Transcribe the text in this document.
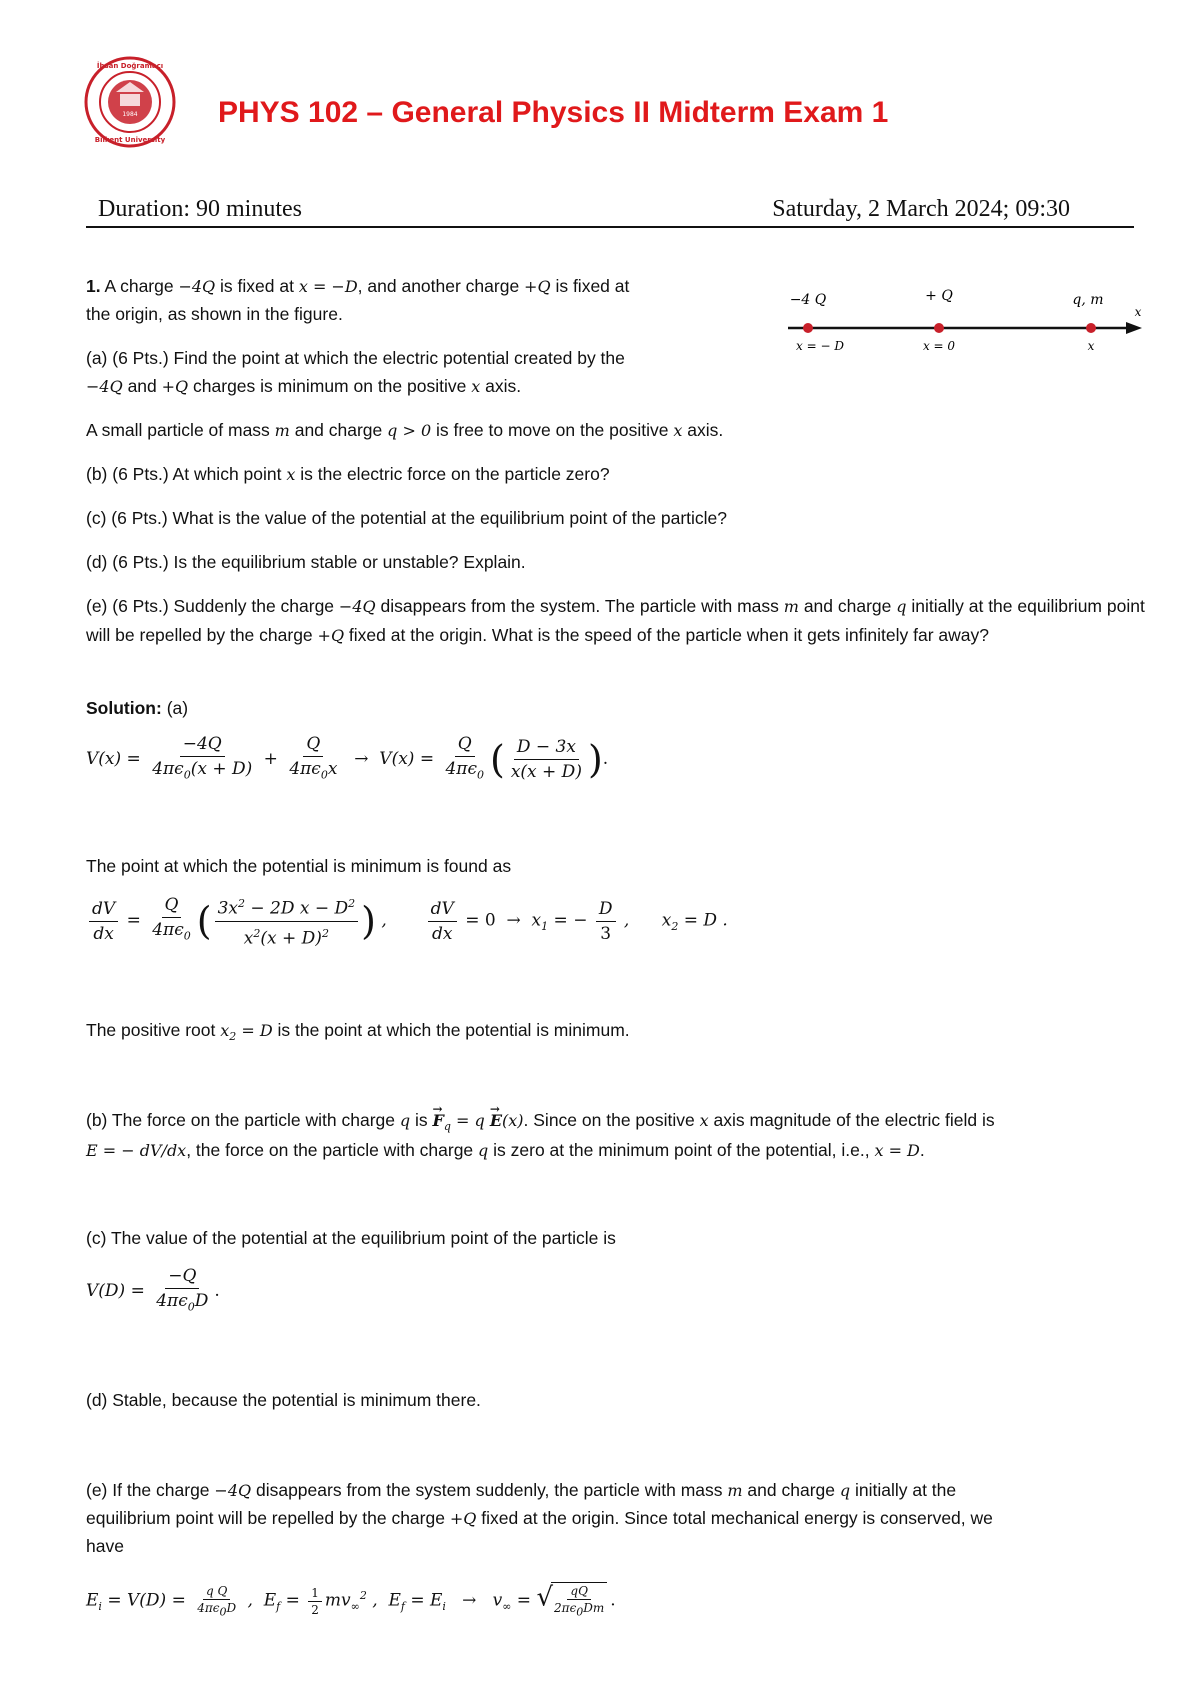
İhsan Doğramacı
Bilkent University
1984	PHYS 102 – General Physics II Midterm Exam 1
Duration: 90 minutes	Saturday, 2 March 2024; 09:30
1. A charge −4Q is fixed at x = −D, and another charge +Q is fixed at
the origin, as shown in the figure.
(a) (6 Pts.) Find the point at which the electric potential created by the
−4Q and +Q charges is minimum on the positive x axis.
−4 Q	+ Q	q, m
x
x = − D	x = 0	x
A small particle of mass m and charge q > 0 is free to move on the positive x axis.
(b) (6 Pts.) At which point x is the electric force on the particle zero?
(c) (6 Pts.) What is the value of the potential at the equilibrium point of the particle?
(d) (6 Pts.) Is the equilibrium stable or unstable? Explain.
(e) (6 Pts.) Suddenly the charge −4Q disappears from the system. The particle with mass m and charge q initially at the equilibrium point will be repelled by the charge +Q fixed at the origin. What is the speed of the particle when it gets infinitely far away?
Solution: (a)
$V(x) = \frac{-4Q}{4\pi\epsilon_0(x + D)} + \frac{Q}{4\pi\epsilon_0x} \to V(x) = \frac{Q}{4\pi\epsilon_0}$ ( $\frac{D - 3x}{x(x + D)}$ ).
The point at which the potential is minimum is found as
$\frac{dV}{dx} = \frac{Q}{4\pi\epsilon_0}$ ( $\frac{3x^2 - 2D x - D^2}{x^2(x + D)^2}$ ) , $\frac{dV}{dx} = 0 \to x_1$ = − $\frac{D}{3}$ ,      $x_2 = D$ .
The positive root $x_2 = D$ is the point at which the potential is minimum.
(b) The force on the particle with charge q is → $F_q = q \to E(x)$. Since on the positive x axis magnitude of the electric field is
E = − dV/dx, the force on the particle with charge q is zero at the minimum point of the potential, i.e., x = D.
(c) The value of the potential at the equilibrium point of the particle is
$V(D) = \frac{-Q}{4\pi\epsilon_0D}$ .
(d) Stable, because the potential is minimum there.
(e) If the charge −4Q disappears from the system suddenly, the particle with mass m and charge q initially at the
equilibrium point will be repelled by the charge +Q fixed at the origin. Since total mechanical energy is conserved, we
have
$E_i = V(D) = \frac{\text{q Q}}{4\pi\epsilon_0D}$ ,  $E_f = \frac{1}{2} mv_\infty^2$ ,  $E_f = E_i \to v_\infty$ = √
$\frac{qQ}{2\pi\epsilon_0Dm}$ .
